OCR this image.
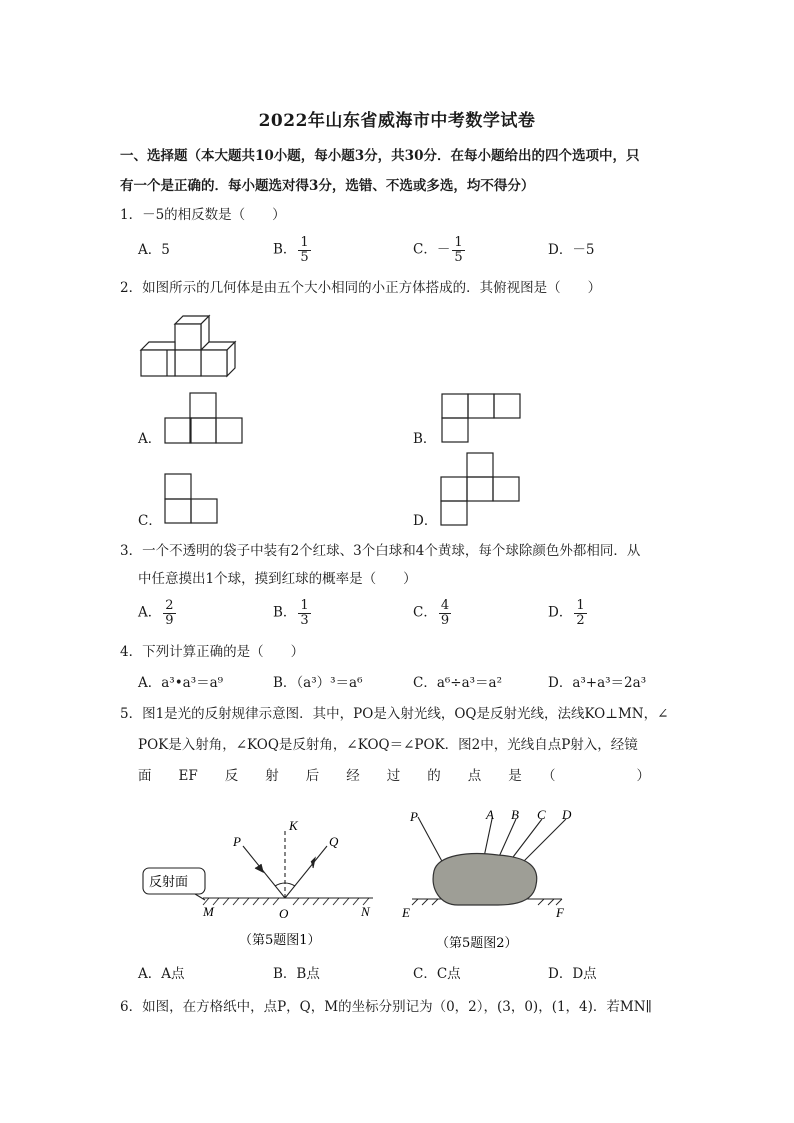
2022年山东省威海市中考数学试卷
一、选择题（本大题共10小题，每小题3分，共30分．在每小题给出的四个选项中，只
有一个是正确的．每小题选对得3分，选错、不选或多选，均不得分）
1．－5的相反数是（　　）
A．5	B． $\frac{1}{5}$	C．－ $\frac{1}{5}$	D．－5
2．如图所示的几何体是由五个大小相同的小正方体搭成的．其俯视图是（　　）
A．	B．
C．	D．
3．一个不透明的袋子中装有2个红球、3个白球和4个黄球，每个球除颜色外都相同．从
中任意摸出1个球，摸到红球的概率是（　　）
A． $\frac{2}{9}$	B． $\frac{1}{3}$	C． $\frac{4}{9}$	D． $\frac{1}{2}$
4．下列计算正确的是（　　）
A．a³•a³＝a⁹	B．（a³）³＝a⁶	C．a⁶÷a³＝a²	D．a³+a³＝2a³
5．图1是光的反射规律示意图．其中，PO是入射光线，OQ是反射光线，法线KO⊥MN，∠
POK是入射角，∠KOQ是反射角，∠KOQ＝∠POK．图2中，光线自点P射入，经镜
面　　EF　　反　　射　　后　　经　　过　　的　　点　　是　　（　　　　　　）
P
K
Q
M	O	N
反射面
（第5题图1）
P	A B C D
E	F
（第5题图2）
A．A点	B．B点	C．C点	D．D点
6．如图，在方格纸中，点P，Q，M的坐标分别记为（0，2），(3，0)，(1，4)．若MN∥
